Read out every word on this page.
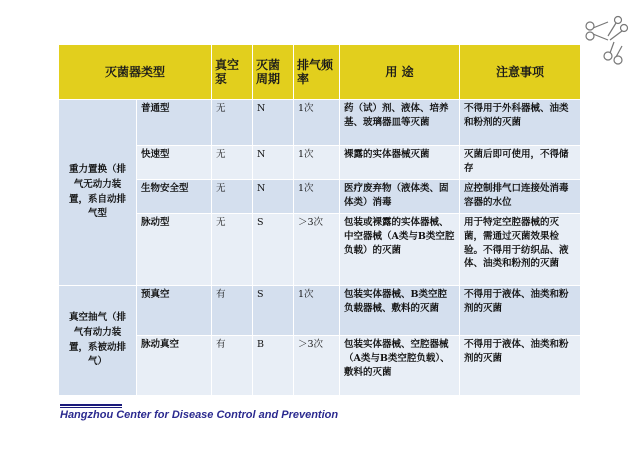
灭菌器类型		真空泵	灭菌周期	排气频率	用 途	注意事项
重力置换（排气无动力装置，系自动排气型	普通型	无	N	1次	药（试）剂、液体、培养基、玻璃器皿等灭菌	不得用于外科器械、油类和粉剂的灭菌
	快速型	无	N	1次	裸露的实体器械灭菌	灭菌后即可使用，不得储存
	生物安全型	无	N	1次	医疗废弃物（液体类、固体类）消毒	应控制排气口连接处消毒容器的水位
	脉动型	无	S	＞3次	包装或裸露的实体器械、中空器械（A类与B类空腔负载）的灭菌	用于特定空腔器械的灭菌，需通过灭菌效果检验。不得用于纺织品、液体、油类和粉剂的灭菌
真空抽气（排气有动力装置，系被动排气）	预真空	有	S	1次	包装实体器械、B类空腔负载器械、敷料的灭菌	不得用于液体、油类和粉剂的灭菌
	脉动真空	有	B	＞3次	包装实体器械、空腔器械（A类与B类空腔负载）、敷料的灭菌	不得用于液体、油类和粉剂的灭菌
Hangzhou Center for Disease Control and Prevention
